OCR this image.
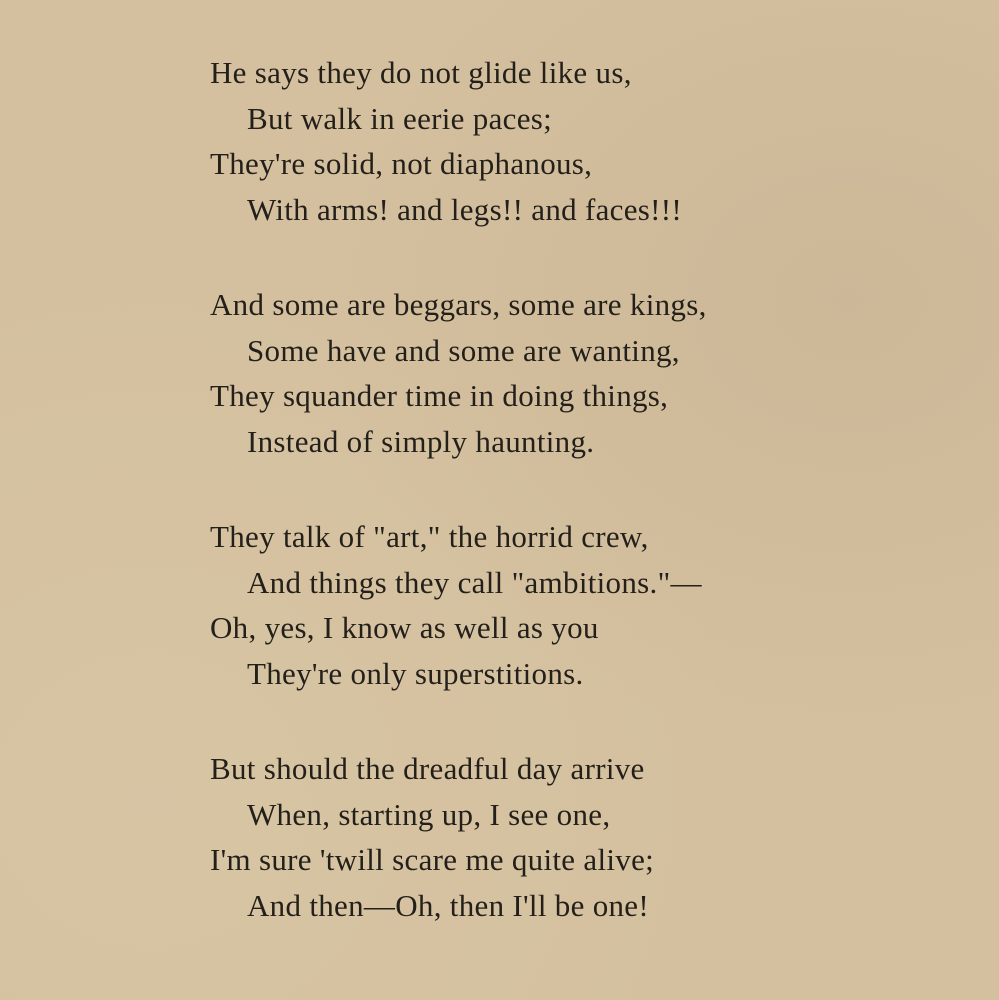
He says they do not glide like us,
But walk in eerie paces;
They're solid, not diaphanous,
With arms! and legs!! and faces!!!
And some are beggars, some are kings,
Some have and some are wanting,
They squander time in doing things,
Instead of simply haunting.
They talk of "art," the horrid crew,
And things they call "ambitions."—
Oh, yes, I know as well as you
They're only superstitions.
But should the dreadful day arrive
When, starting up, I see one,
I'm sure 'twill scare me quite alive;
And then—Oh, then I'll be one!
